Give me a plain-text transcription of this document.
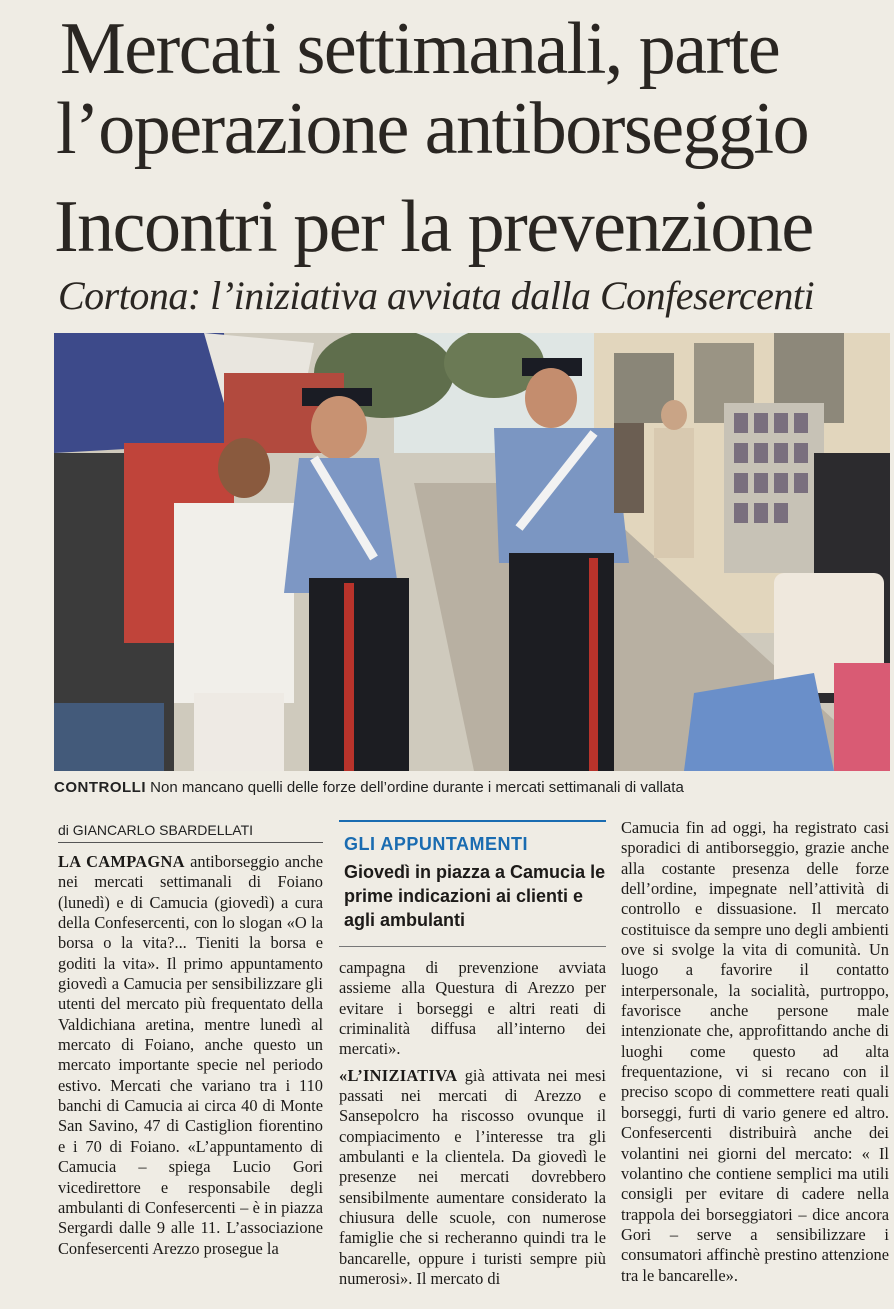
Mercati settimanali, parte
l’operazione antiborseggio
Incontri per la prevenzione
Cortona: l’iniziativa avviata dalla Confesercenti
CONTROLLI Non mancano quelli delle forze dell’ordine durante i mercati settimanali di vallata
di GIANCARLO SBARDELLATI

LA CAMPAGNA antiborseggio anche nei mercati settimanali di Foiano (lunedì) e di Camucia (giovedì) a cura della Confesercenti, con lo slogan «O la borsa o la vita?... Tieniti la borsa e goditi la vita». Il primo appuntamento giovedì a Camucia per sensibilizzare gli utenti del mercato più frequentato della Valdichiana aretina, mentre lunedì al mercato di Foiano, anche questo un mercato importante specie nel periodo estivo. Mercati che variano tra i 110 banchi di Camucia ai circa 40 di Monte San Savino, 47 di Castiglion fiorentino e i 70 di Foiano. «L’appuntamento di Camucia – spiega Lucio Gori vicedirettore e responsabile degli ambulanti di Confesercenti – è in piazza Sergardi dalle 9 alle 11. L’associazione Confesercenti Arezzo prosegue la

GLI APPUNTAMENTI
Giovedì in piazza a Camucia le prime indicazioni ai clienti e agli ambulanti

campagna di prevenzione avviata assieme alla Questura di Arezzo per evitare i borseggi e altri reati di criminalità diffusa all’interno dei mercati».

«L’INIZIATIVA già attivata nei mesi passati nei mercati di Arezzo e Sansepolcro ha riscosso ovunque il compiacimento e l’interesse tra gli ambulanti e la clientela. Da giovedì le presenze nei mercati dovrebbero sensibilmente aumentare considerato la chiusura delle scuole, con numerose famiglie che si recheranno quindi tra le bancarelle, oppure i turisti sempre più numerosi». Il mercato di

Camucia fin ad oggi, ha registrato casi sporadici di antiborseggio, grazie anche alla costante presenza delle forze dell’ordine, impegnate nell’attività di controllo e dissuasione. Il mercato costituisce da sempre uno degli ambienti ove si svolge la vita di comunità. Un luogo a favorire il contatto interpersonale, la socialità, purtroppo, favorisce anche persone male intenzionate che, approfittando anche di luoghi come questo ad alta frequentazione, vi si recano con il preciso scopo di commettere reati quali borseggi, furti di vario genere ed altro. Confesercenti distribuirà anche dei volantini nei giorni del mercato: « Il volantino che contiene semplici ma utili consigli per evitare di cadere nella trappola dei borseggiatori – dice ancora Gori – serve a sensibilizzare i consumatori affinchè prestino attenzione tra le bancarelle».
